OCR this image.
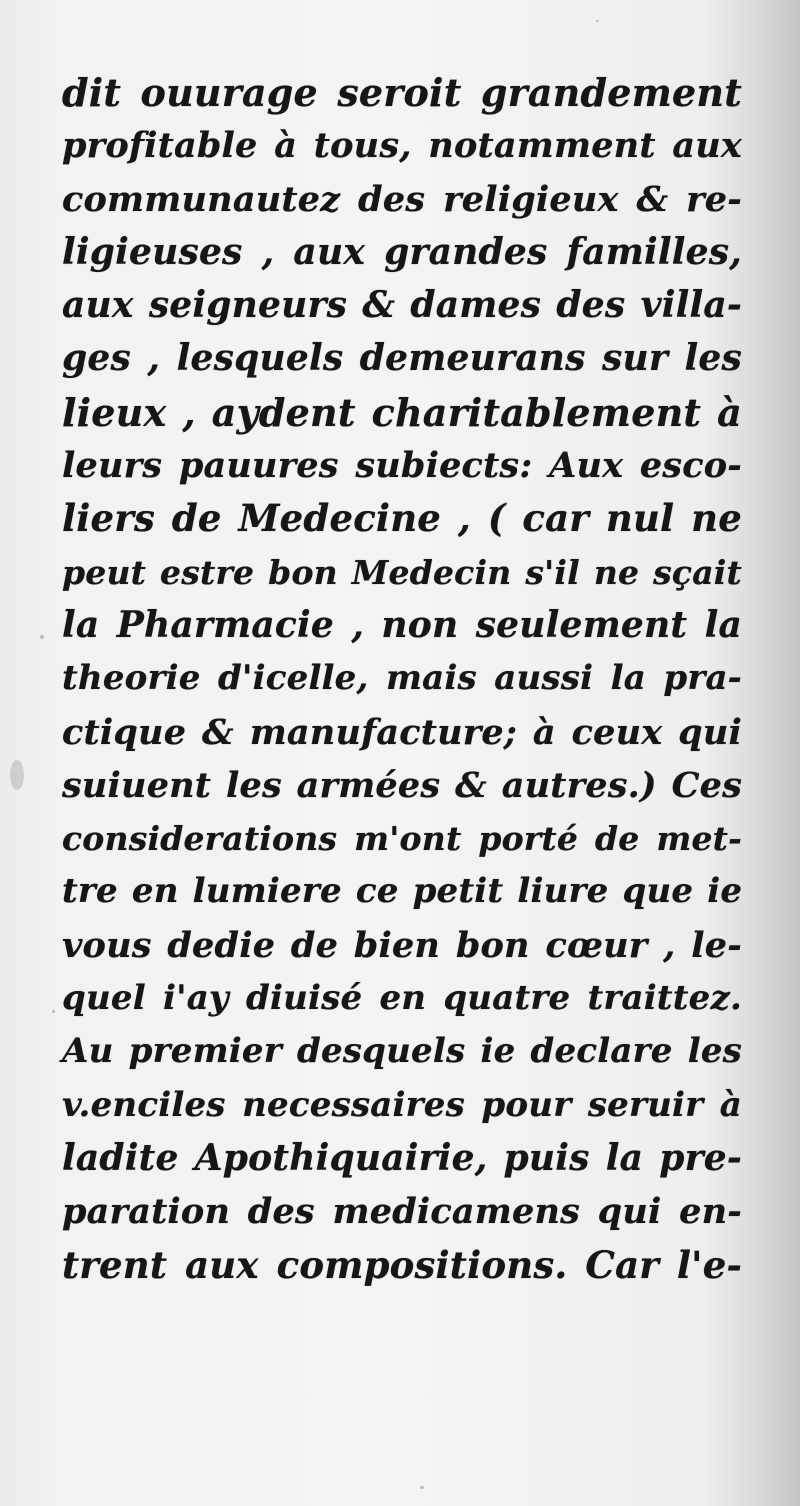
dit ouurage seroit grandement
profitable à tous, notamment aux
communautez des religieux & re-
ligieuses , aux grandes familles,
aux seigneurs & dames des villa-
ges , lesquels demeurans sur les
lieux , aydent charitablement à
leurs pauures subiects: Aux esco-
liers de Medecine , ( car nul ne
peut estre bon Medecin s'il ne sçait
la Pharmacie , non seulement la
theorie d'icelle, mais aussi la pra-
ctique & manufacture; à ceux qui
suiuent les armées & autres.) Ces
considerations m'ont porté de met-
tre en lumiere ce petit liure que ie
vous dedie de bien bon cœur , le-
quel i'ay diuisé en quatre traittez.
Au premier desquels ie declare les
v.enciles necessaires pour seruir à
ladite Apothiquairie, puis la pre-
paration des medicamens qui en-
trent aux compositions. Car l'e-
